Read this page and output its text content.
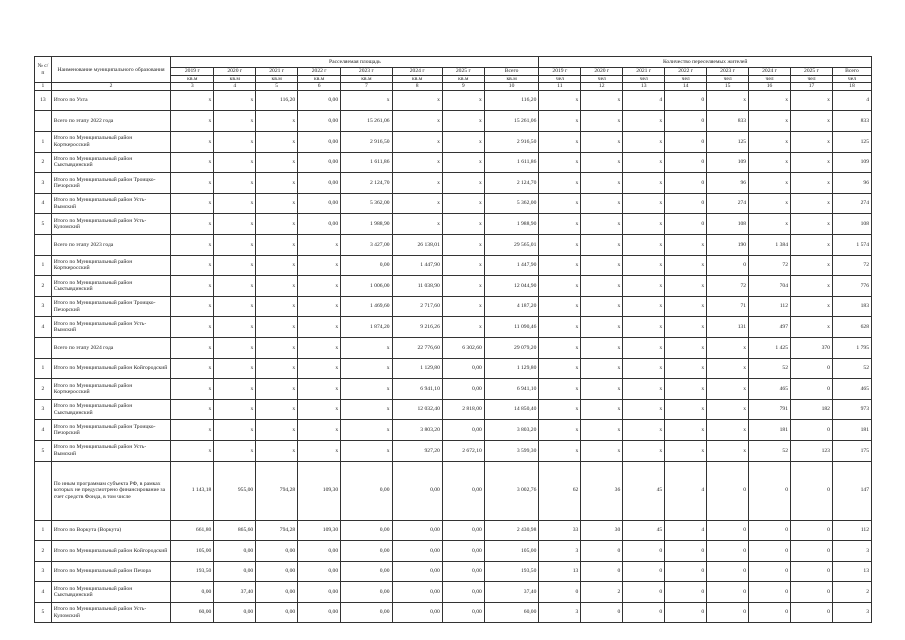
№ с/п	Наименование муниципального образования	Расселяемая площадь								Количество переселяемых жителей							
		2019 г	2020 г	2021 г	2022 г	2023 г	2024 г	2025 г	Всего	2019 г	2020 г	2021 г	2022 г	2023 г	2024 г	2025 г	Всего
		кв.м	кв.м	кв.м	кв.м	кв.м	кв.м	кв.м	кв.м	чел	чел	чел	чел	чел	чел	чел	чел
1	2	3	4	5	6	7	8	9	10	11	12	13	14	15	16	17	18
13	Итого по Ухта	x	x	116,20	0,00	x	x	x	116,20	x	x	4	0	x	x	x	4
	Всего по этапу 2022 года	x	x	x	0,00	15 261,06	x	x	15 261,06	x	x	x	0	833	x	x	833
1	Итого по Муниципальный район Корткеросский	x	x	x	0,00	2 916,50	x	x	2 916,50	x	x	x	0	125	x	x	125
2	Итого по Муниципальный район Сыктывдинский	x	x	x	0,00	1 611,86	x	x	1 611,86	x	x	x	0	109	x	x	109
3	Итого по Муниципальный район Троицко-Печорский	x	x	x	0,00	2 124,70	x	x	2 124,70	x	x	x	0	96	x	x	96
4	Итого по Муниципальный район Усть-Вымский	x	x	x	0,00	5 362,00	x	x	5 362,00	x	x	x	0	274	x	x	274
5	Итого по Муниципальный район Усть-Куломский	x	x	x	0,00	1 988,90	x	x	1 988,90	x	x	x	0	108	x	x	108
	Всего по этапу 2023 года	x	x	x	x	3 427,00	26 138,01	x	29 565,01	x	x	x	x	190	1 384	x	1 574
1	Итого по Муниципальный район Корткеросский	x	x	x	x	0,00	1 447,90	x	1 447,90	x	x	x	x	0	72	x	72
2	Итого по Муниципальный район Сыктывдинский	x	x	x	x	1 006,00	11 038,90	x	12 044,90	x	x	x	x	72	704	x	776
3	Итого по Муниципальный район Троицко-Печорский	x	x	x	x	1 469,60	2 717,60	x	4 187,20	x	x	x	x	71	112	x	183
4	Итого по Муниципальный район Усть-Вымский	x	x	x	x	1 874,20	9 216,26	x	11 090,46	x	x	x	x	131	497	x	628
	Всего по этапу 2024 года	x	x	x	x	x	22 776,60	6 302,60	29 079,20	x	x	x	x	x	1 425	370	1 795
1	Итого по Муниципальный район Койгородский	x	x	x	x	x	1 129,80	0,00	1 129,80	x	x	x	x	x	52	0	52
2	Итого по Муниципальный район Корткеросский	x	x	x	x	x	6 941,10	0,00	6 941,10	x	x	x	x	x	465	0	465
3	Итого по Муниципальный район Сыктывдинский	x	x	x	x	x	12 032,40	2 818,00	14 850,40	x	x	x	x	x	791	182	973
4	Итого по Муниципальный район Троицко-Печорский	x	x	x	x	x	3 803,20	0,00	3 803,20	x	x	x	x	x	181	0	181
5	Итого по Муниципальный район Усть-Вымский	x	x	x	x	x	927,20	2 672,10	3 599,30	x	x	x	x	x	52	123	175
	По иным программам субъекта РФ, в рамках которых не предусмотрено финансирование за счет средств Фонда, в том числе	1 143,18	955,00	794,28	109,30	0,00	0,00	0,00	3 002,76	62	36	45	4	0	0	0	147
1	Итого по Воркута (Воркута)	661,80	865,60	794,28	109,30	0,00	0,00	0,00	2 430,98	33	30	45	4	0	0	0	112
2	Итого по Муниципальный район Койгородский	105,00	0,00	0,00	0,00	0,00	0,00	0,00	105,00	3	0	0	0	0	0	0	3
3	Итого по Муниципальный район Печора	193,50	0,00	0,00	0,00	0,00	0,00	0,00	193,50	13	0	0	0	0	0	0	13
4	Итого по Муниципальный район Сыктывдинский	0,00	37,40	0,00	0,00	0,00	0,00	0,00	37,40	0	2	0	0	0	0	0	2
5	Итого по Муниципальный район Усть-Куломский	60,00	0,00	0,00	0,00	0,00	0,00	0,00	60,00	3	0	0	0	0	0	0	3
